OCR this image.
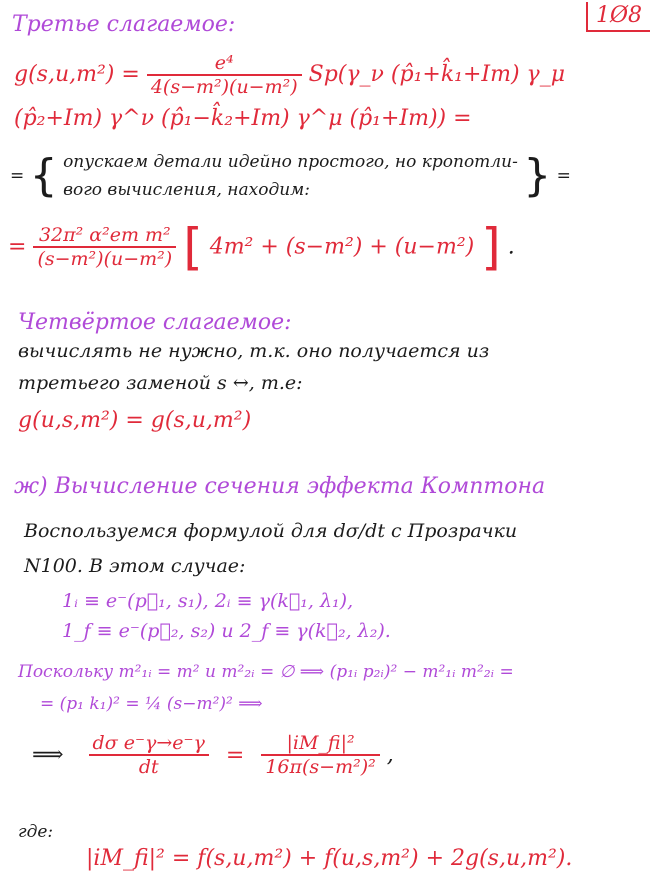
1Ø8
Третье слагаемое:
$g(s,u,m^2) = \frac{\text{e⁴}}{\text{4(s−m²)(u−m²)}}$ Sp(γ_ν (p̂₁+k̂₁+Im) γ_μ
(p̂₂+Im) γ^ν (p̂₁−k̂₂+Im) γ^μ (p̂₁+Im)) =
= { опускаем детали идейно простого, но кропотли-
вого вычисления, находим:	} =
= $\frac{\text{32π² α²em m²}}{\text{(s−m²)(u−m²)}}$ [ 4m² + (s−m²) + (u−m²) ] .
Четвёртое слагаемое:
вычислять не нужно, т.к. оно получается из
третьего заменой s ↔, т.е:
g(u,s,m²) = g(s,u,m²)
ж) Вычисление сечения эффекта Комптона
Воспользуемся формулой для dσ/dt с Прозрачки
N100. В этом случае:
1ᵢ ≡ e⁻(p⃗₁, s₁), 2ᵢ ≡ γ(k⃗₁, λ₁),
1_f ≡ e⁻(p⃗₂, s₂) и 2_f ≡ γ(k⃗₂, λ₂).
Поскольку m²₁ᵢ = m² и m²₂ᵢ = ∅ ⟹ (p₁ᵢ p₂ᵢ)² − m²₁ᵢ m²₂ᵢ =
= (p₁ k₁)² = ¼ (s−m²)² ⟹
⟹ $\frac{\text{dσ e⁻γ→e⁻γ}}{dt} = \frac{\text{|iM\_fi|²}}{\text{16π(s−m²)²}}$ ,
где:
|iM_fi|² = f(s,u,m²) + f(u,s,m²) + 2g(s,u,m²).
